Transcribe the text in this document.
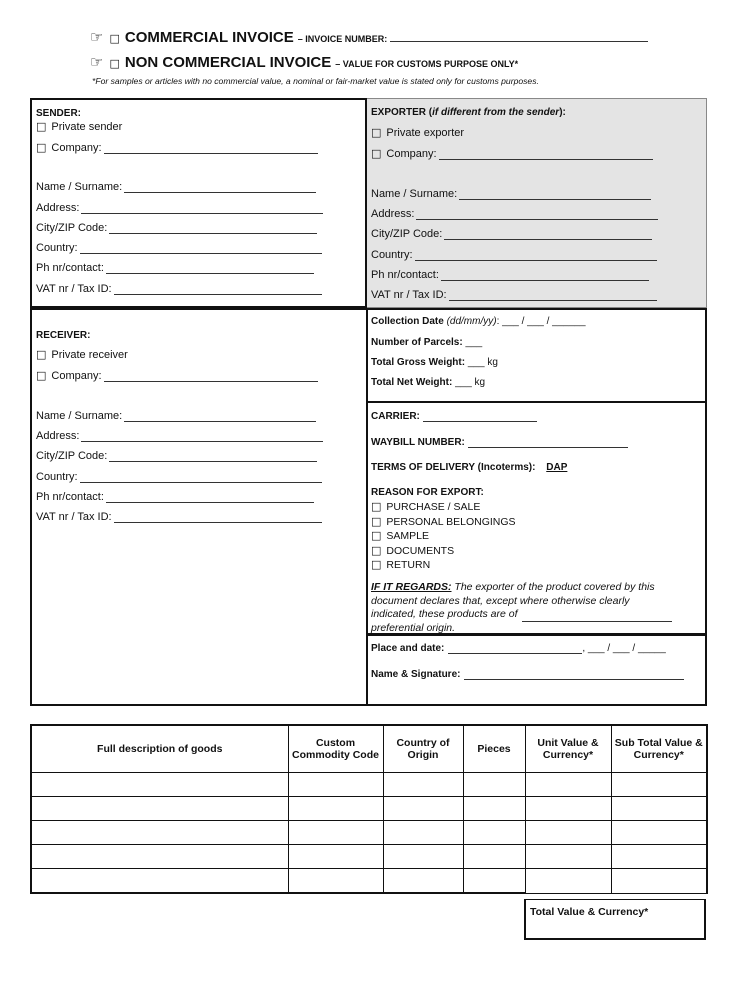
☞ □ COMMERCIAL INVOICE – INVOICE NUMBER:
☞ □ NON COMMERCIAL INVOICE – VALUE FOR CUSTOMS PURPOSE ONLY*
*For samples or articles with no commercial value, a nominal or fair-market value is stated only for customs purposes.
SENDER:
□ Private sender
□ Company:
Name / Surname:
Address:
City/ZIP Code:
Country:
Ph nr/contact:
VAT nr / Tax ID:
EXPORTER (if different from the sender):
□ Private exporter
□ Company:
Name / Surname:
Address:
City/ZIP Code:
Country:
Ph nr/contact:
VAT nr / Tax ID:
RECEIVER:
□ Private receiver
□ Company:
Name / Surname:
Address:
City/ZIP Code:
Country:
Ph nr/contact:
VAT nr / Tax ID:
Collection Date (dd/mm/yy): ___ / ___ / ______
Number of Parcels: ___
Total Gross Weight: ___ kg
Total Net Weight: ___ kg
CARRIER:
WAYBILL NUMBER:
TERMS OF DELIVERY (Incoterms): DAP
REASON FOR EXPORT:
□ PURCHASE / SALE
□ PERSONAL BELONGINGS
□ SAMPLE
□ DOCUMENTS
□ RETURN
IF IT REGARDS: The exporter of the product covered by this
document declares that, except where otherwise clearly
indicated, these products are of
preferential origin.
Place and date:	, ___ / ___ / _____
Name & Signature:
Full description of goods	Custom Commodity Code	Country of Origin	Pieces	Unit Value & Currency*	Sub Total Value & Currency*

Total Value & Currency*
